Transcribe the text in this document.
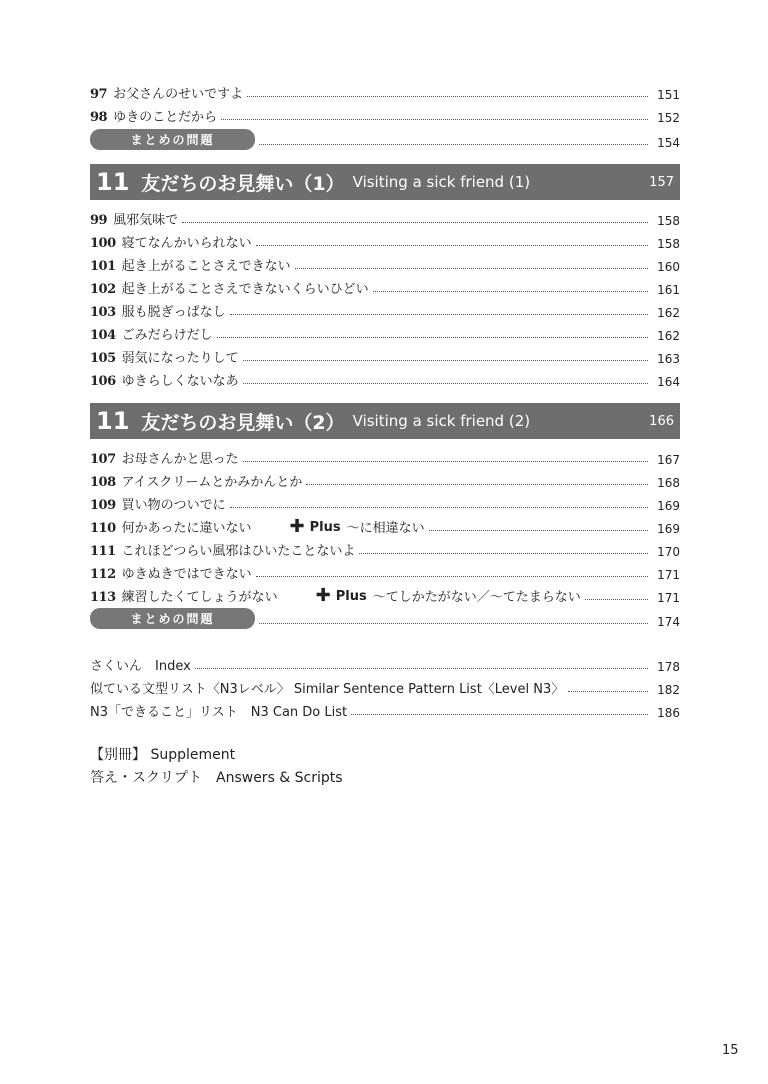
97 お父さんのせいですよ	151
98 ゆきのことだから	152
まとめの問題	154
11 友だちのお見舞い（1） Visiting a sick friend (1)	157
99 風邪気味で	158
100 寝てなんかいられない	158
101 起き上がることさえできない	160
102 起き上がることさえできないくらいひどい	161
103 服も脱ぎっぱなし	162
104 ごみだらけだし	162
105 弱気になったりして	163
106 ゆきらしくないなあ	164
11 友だちのお見舞い（2） Visiting a sick friend (2)	166
107 お母さんかと思った	167
108 アイスクリームとかみかんとか	168
109 買い物のついでに	169
110 何かあったに違いない ✚ Plus ～に相違ない	169
111 これほどつらい風邪はひいたことないよ	170
112 ゆきぬきではできない	171
113 練習したくてしょうがない ✚ Plus ～てしかたがない／～てたまらない	171
まとめの問題	174
さくいん　Index	178
似ている文型リスト〈N3レベル〉 Similar Sentence Pattern List〈Level N3〉	182
N3「できること」リスト　N3 Can Do List	186
【別冊】 Supplement
答え・スクリプト　Answers & Scripts
15
